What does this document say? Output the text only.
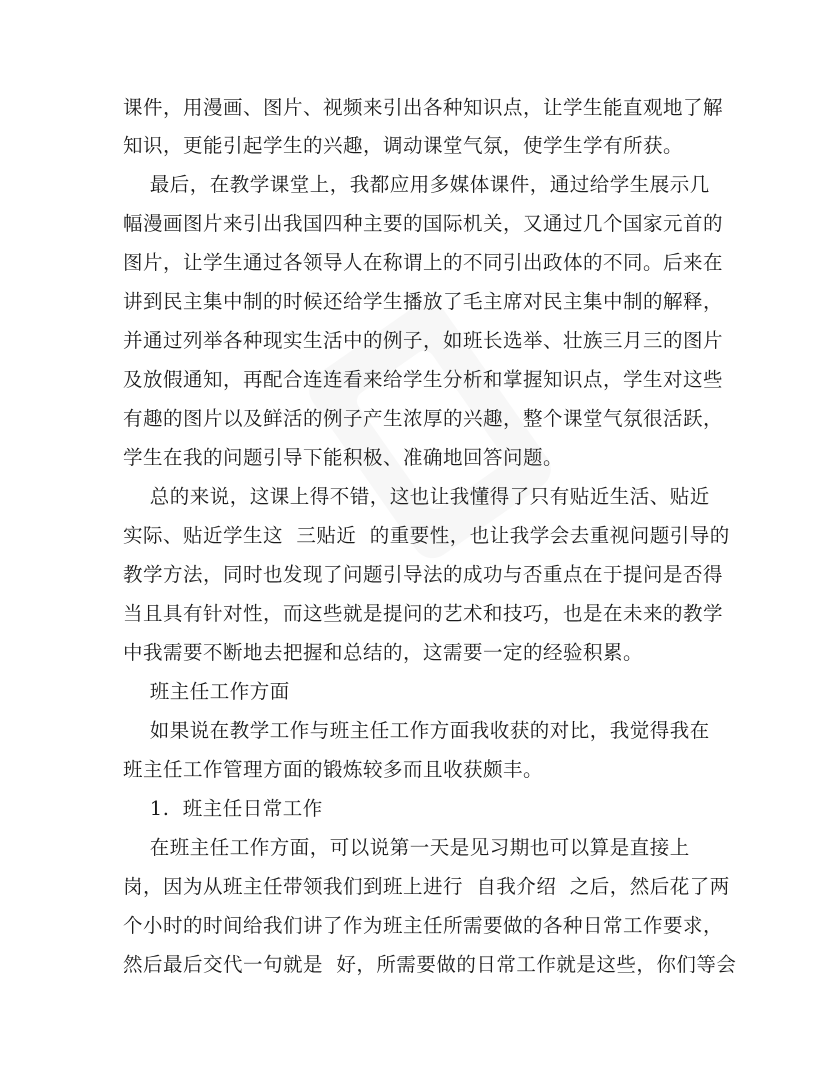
课件，用漫画、图片、视频来引出各种知识点，让学生能直观地了解
知识，更能引起学生的兴趣，调动课堂气氛，使学生学有所获。
最后，在教学课堂上，我都应用多媒体课件，通过给学生展示几
幅漫画图片来引出我国四种主要的国际机关，又通过几个国家元首的
图片，让学生通过各领导人在称谓上的不同引出政体的不同。后来在
讲到民主集中制的时候还给学生播放了毛主席对民主集中制的解释，
并通过列举各种现实生活中的例子，如班长选举、壮族三月三的图片
及放假通知，再配合连连看来给学生分析和掌握知识点，学生对这些
有趣的图片以及鲜活的例子产生浓厚的兴趣，整个课堂气氛很活跃，
学生在我的问题引导下能积极、准确地回答问题。
总的来说，这课上得不错，这也让我懂得了只有贴近生活、贴近
实际、贴近学生这  三贴近  的重要性，也让我学会去重视问题引导的
教学方法，同时也发现了问题引导法的成功与否重点在于提问是否得
当且具有针对性，而这些就是提问的艺术和技巧，也是在未来的教学
中我需要不断地去把握和总结的，这需要一定的经验积累。
班主任工作方面
如果说在教学工作与班主任工作方面我收获的对比，我觉得我在
班主任工作管理方面的锻炼较多而且收获颇丰。
1.  班主任日常工作
在班主任工作方面，可以说第一天是见习期也可以算是直接上
岗，因为从班主任带领我们到班上进行  自我介绍  之后，然后花了两
个小时的时间给我们讲了作为班主任所需要做的各种日常工作要求，
然后最后交代一句就是  好，所需要做的日常工作就是这些，你们等会
